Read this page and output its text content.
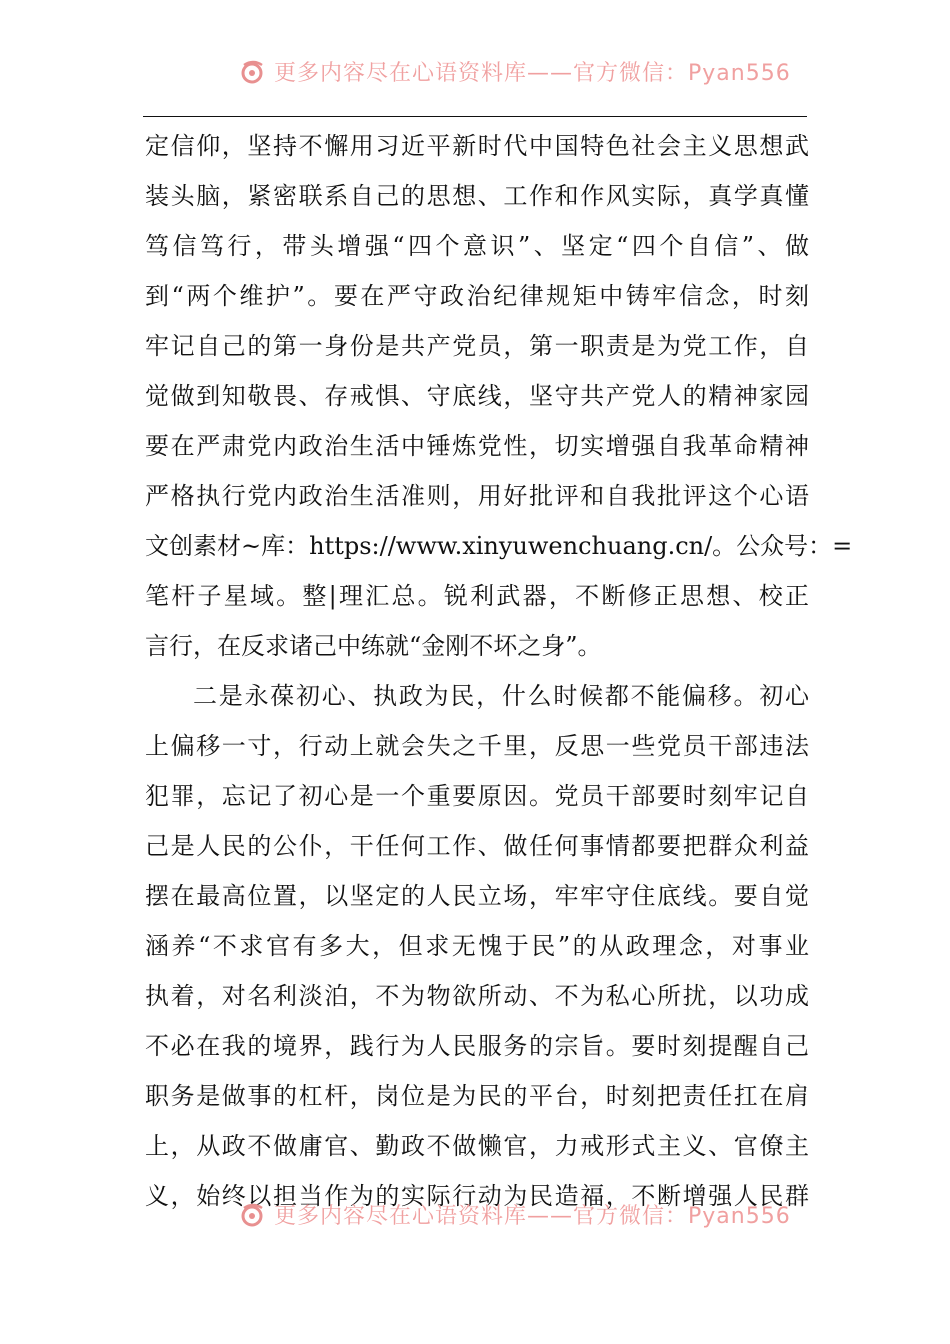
更多内容尽在心语资料库——官方微信：Pyan556
定信仰，坚持不懈用习近平新时代中国特色社会主义思想武
装头脑，紧密联系自己的思想、工作和作风实际，真学真懂
笃信笃行，带头增强“四个意识”、坚定“四个自信”、做
到“两个维护”。要在严守政治纪律规矩中铸牢信念，时刻
牢记自己的第一身份是共产党员，第一职责是为党工作，自
觉做到知敬畏、存戒惧、守底线，坚守共产党人的精神家园
要在严肃党内政治生活中锤炼党性，切实增强自我革命精神
严格执行党内政治生活准则，用好批评和自我批评这个心语
文创素材~库：https://www.xinyuwenchuang.cn/。公众号：=
笔杆子星域。整|理汇总。锐利武器，不断修正思想、校正
言行，在反求诸己中练就“金刚不坏之身”。
二是永葆初心、执政为民，什么时候都不能偏移。初心
上偏移一寸，行动上就会失之千里，反思一些党员干部违法
犯罪，忘记了初心是一个重要原因。党员干部要时刻牢记自
己是人民的公仆，干任何工作、做任何事情都要把群众利益
摆在最高位置，以坚定的人民立场，牢牢守住底线。要自觉
涵养“不求官有多大，但求无愧于民”的从政理念，对事业
执着，对名利淡泊，不为物欲所动、不为私心所扰，以功成
不必在我的境界，践行为人民服务的宗旨。要时刻提醒自己
职务是做事的杠杆，岗位是为民的平台，时刻把责任扛在肩
上，从政不做庸官、勤政不做懒官，力戒形式主义、官僚主
义，始终以担当作为的实际行动为民造福，不断增强人民群
更多内容尽在心语资料库——官方微信：Pyan556
